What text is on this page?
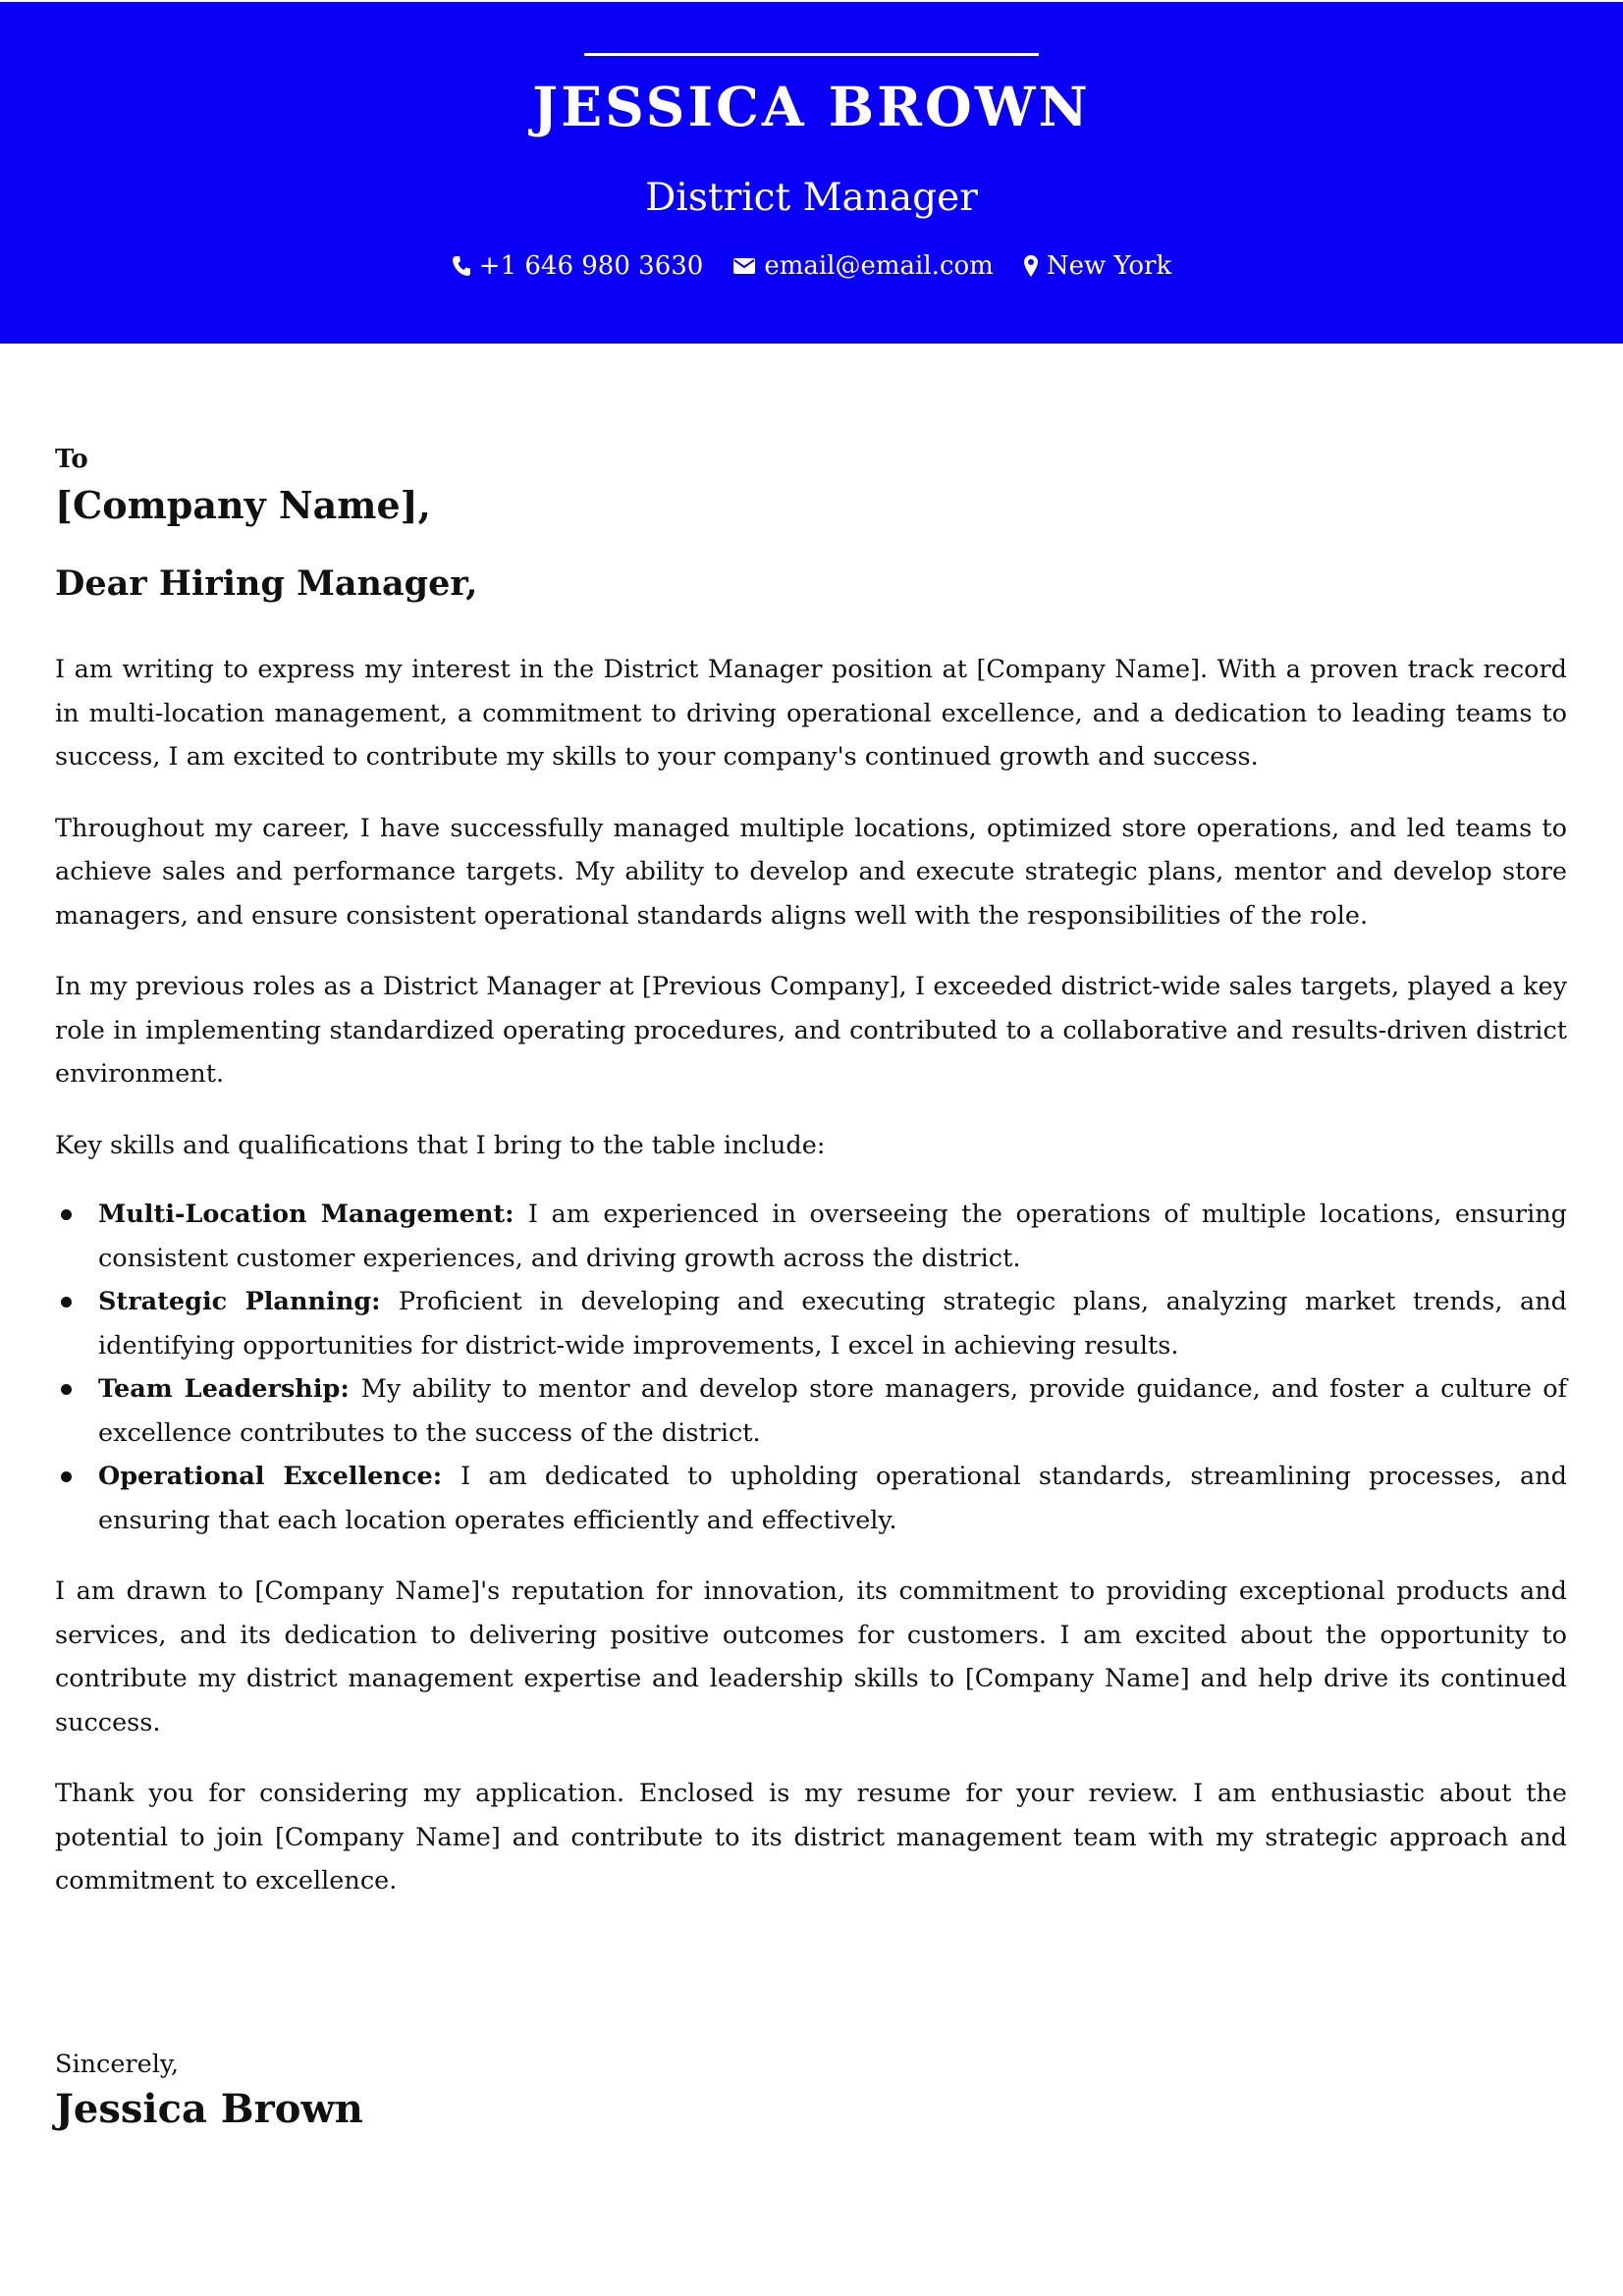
JESSICA BROWN
District Manager
+1 646 980 3630 email@email.com New York
To
[Company Name],
Dear Hiring Manager,

I am writing to express my interest in the District Manager position at [Company Name]. With a proven track record in multi-location management, a commitment to driving operational excellence, and a dedication to leading teams to success, I am excited to contribute my skills to your company's continued growth and success.

Throughout my career, I have successfully managed multiple locations, optimized store operations, and led teams to achieve sales and performance targets. My ability to develop and execute strategic plans, mentor and develop store managers, and ensure consistent operational standards aligns well with the responsibilities of the role.

In my previous roles as a District Manager at [Previous Company], I exceeded district-wide sales targets, played a key role in implementing standardized operating procedures, and contributed to a collaborative and results-driven district environment.

Key skills and qualifications that I bring to the table include:

Multi-Location Management: I am experienced in overseeing the operations of multiple locations, ensuring consistent customer experiences, and driving growth across the district.
Strategic Planning: Proficient in developing and executing strategic plans, analyzing market trends, and identifying opportunities for district-wide improvements, I excel in achieving results.
Team Leadership: My ability to mentor and develop store managers, provide guidance, and foster a culture of excellence contributes to the success of the district.
Operational Excellence: I am dedicated to upholding operational standards, streamlining processes, and ensuring that each location operates efficiently and effectively.

I am drawn to [Company Name]'s reputation for innovation, its commitment to providing exceptional products and services, and its dedication to delivering positive outcomes for customers. I am excited about the opportunity to contribute my district management expertise and leadership skills to [Company Name] and help drive its continued success.

Thank you for considering my application. Enclosed is my resume for your review. I am enthusiastic about the potential to join [Company Name] and contribute to its district management team with my strategic approach and commitment to excellence.

Sincerely,
Jessica Brown
